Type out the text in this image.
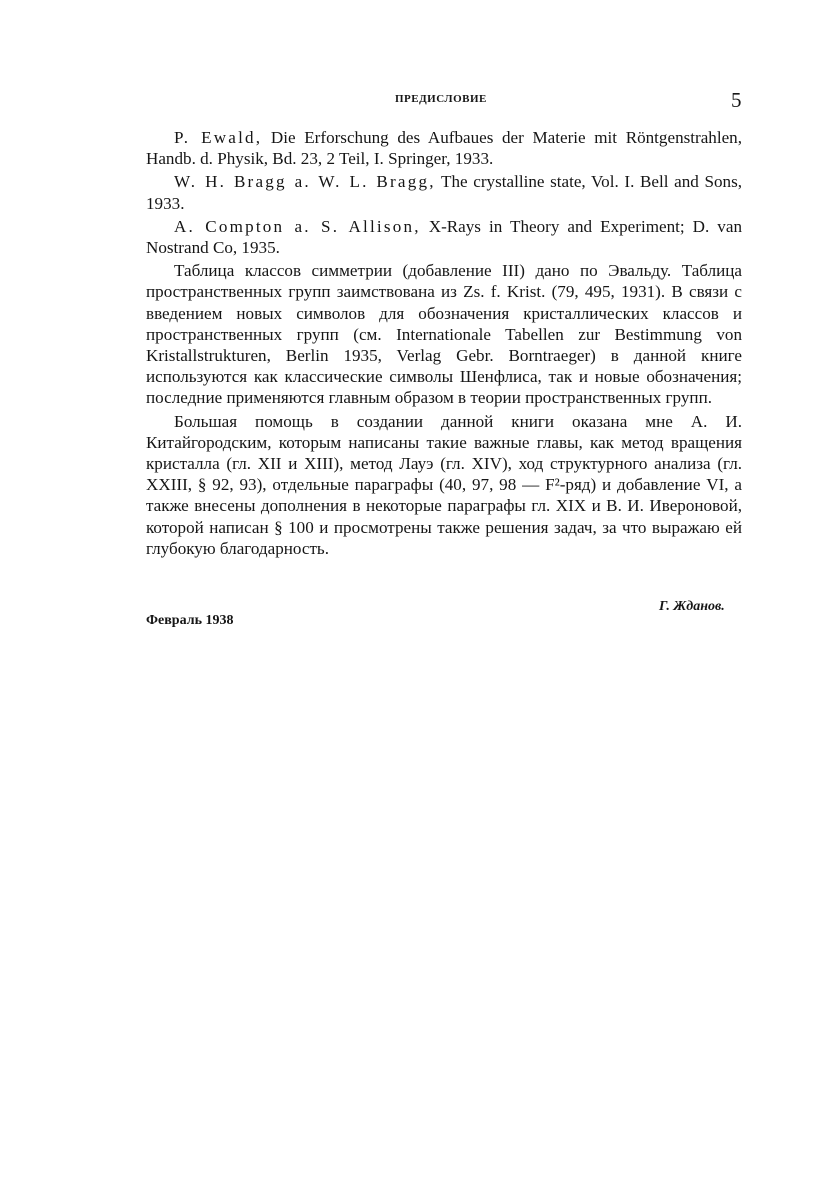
ПРЕДИСЛОВИЕ	5

P. Ewald, Die Erforschung des Aufbaues der Materie mit Röntgenstrahlen, Handb. d. Physik, Bd. 23, 2 Teil, I. Springer, 1933.

W. H. Bragg a. W. L. Bragg, The crystalline state, Vol. I. Bell and Sons, 1933.

A. Compton a. S. Allison, X-Rays in Theory and Experiment; D. van Nostrand Co, 1935.

Таблица классов симметрии (добавление III) дано по Эвальду. Таблица пространственных групп заимствована из Zs. f. Krist. (79, 495, 1931). В связи с введением новых символов для обозначения кристаллических классов и пространственных групп (см. Internationale Tabellen zur Bestimmung von Kristallstrukturen, Berlin 1935, Verlag Gebr. Borntraeger) в данной книге используются как классические символы Шенфлиса, так и новые обозначения; последние применяются главным образом в теории пространственных групп.

Большая помощь в создании данной книги оказана мне А. И. Китайгородским, которым написаны такие важные главы, как метод вращения кристалла (гл. XII и XIII), метод Лауэ (гл. XIV), ход структурного анализа (гл. XXIII, § 92, 93), отдельные параграфы (40, 97, 98 — F²-ряд) и добавление VI, а также внесены дополнения в некоторые параграфы гл. XIX и В. И. Ивероновой, которой написан § 100 и просмотрены также решения задач, за что выражаю ей глубокую благодарность.

Г. Жданов.
Февраль 1938
